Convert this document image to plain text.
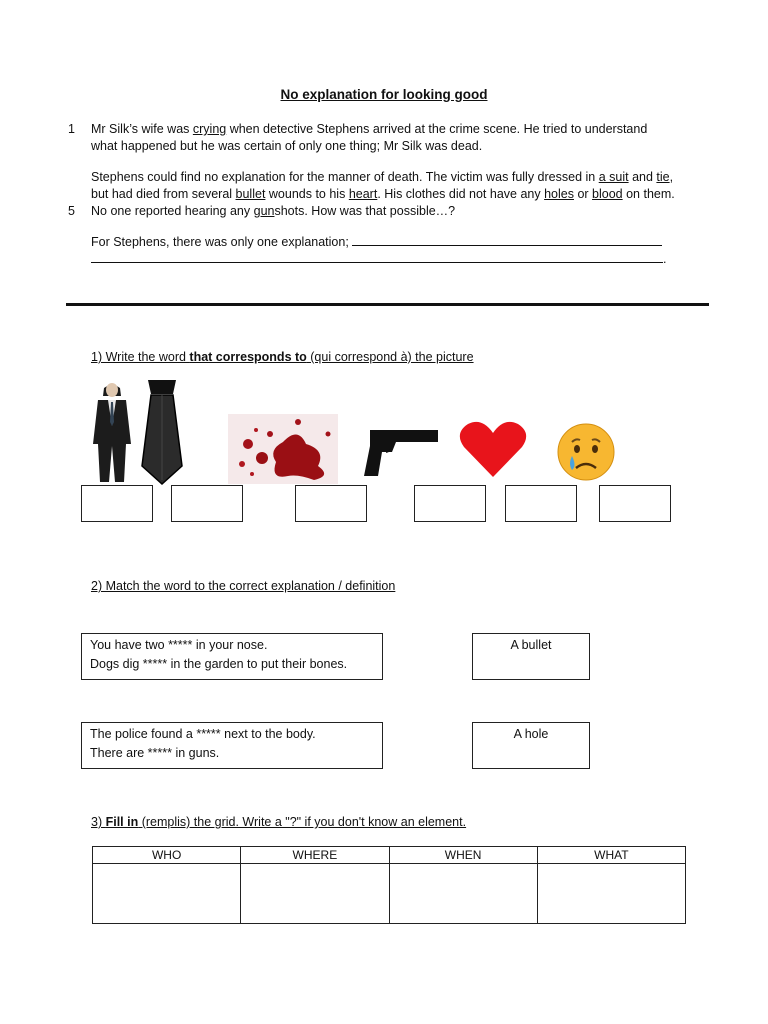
No explanation for looking good
1
5
Mr Silk’s wife was crying when detective Stephens arrived at the crime scene. He tried to understand what happened but he was certain of only one thing; Mr Silk was dead.
Stephens could find no explanation for the manner of death. The victim was fully dressed in a suit and tie, but had died from several bullet wounds to his heart. His clothes did not have any holes or blood on them. No one reported hearing any gunshots. How was that possible…?
For Stephens, there was only one explanation;
.
1) Write the word that corresponds to (qui correspond à) the picture
2) Match the word to the correct explanation / definition
You have two ***** in your nose.
Dogs dig ***** in the garden to put their bones.
A bullet
The police found a ***** next to the body.
There are ***** in guns.
A hole
3) Fill in (remplis) the grid. Write a "?" if you don't know an element.
WHO	WHERE	WHEN	WHAT
